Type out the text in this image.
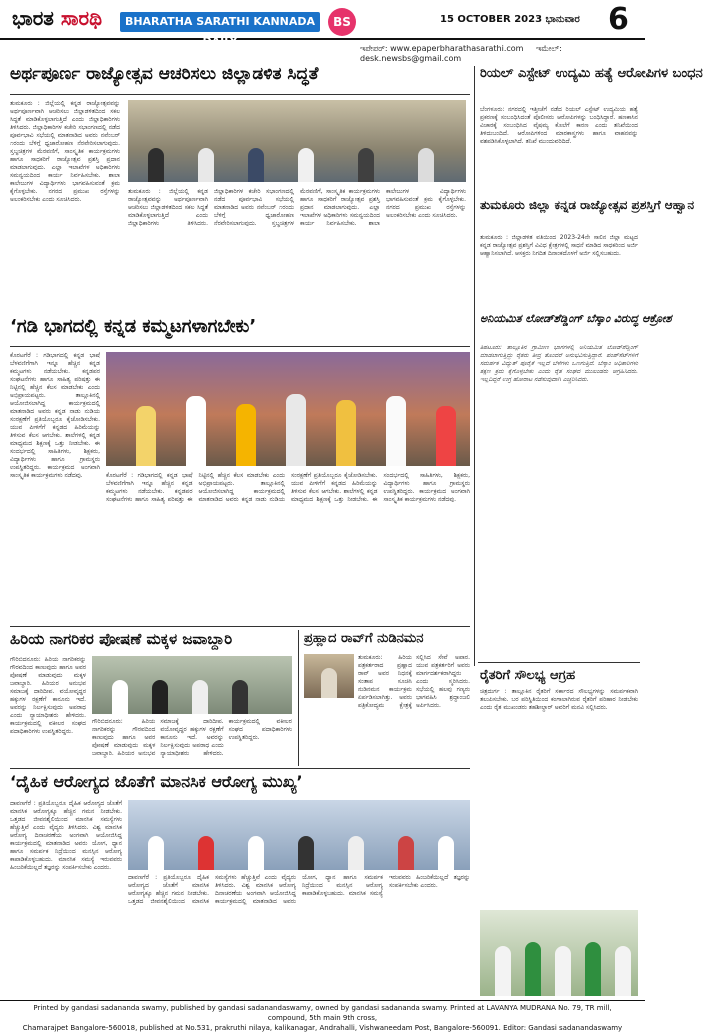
ಭಾರತ ಸಾರಥಿ	BHARATHA SARATHI KANNADA DAILY
BS	15 OCTOBER 2023 ಭಾನುವಾರ 6
ಇಪೇಪರ್: www.epaperbharathasarathi.com ಇಮೇಲ್: desk.newsbs@gmail.com
ಅರ್ಥಪೂರ್ಣ ರಾಜ್ಯೋತ್ಸವ ಆಚರಿಸಲು ಜಿಲ್ಲಾಡಳಿತ ಸಿದ್ಧತೆ
ತುಮಕೂರು : ಜಿಲ್ಲೆಯಲ್ಲಿ ಕನ್ನಡ ರಾಜ್ಯೋತ್ಸವವನ್ನು ಅರ್ಥಪೂರ್ಣವಾಗಿ ಆಚರಿಸಲು ಜಿಲ್ಲಾಡಳಿತದಿಂದ ಸಕಲ ಸಿದ್ಧತೆ ಮಾಡಿಕೊಳ್ಳಲಾಗುತ್ತಿದೆ ಎಂದು ಜಿಲ್ಲಾಧಿಕಾರಿಗಳು ತಿಳಿಸಿದರು. ಜಿಲ್ಲಾಧಿಕಾರಿಗಳ ಕಚೇರಿ ಸಭಾಂಗಣದಲ್ಲಿ ನಡೆದ ಪೂರ್ವಭಾವಿ ಸಭೆಯಲ್ಲಿ ಮಾತನಾಡಿದ ಅವರು ನವೆಂಬರ್ ೧ರಂದು ಬೆಳಿಗ್ಗೆ ಧ್ವಜಾರೋಹಣ ನೆರವೇರಿಸಲಾಗುವುದು. ಸ್ತಬ್ಧಚಿತ್ರಗಳ ಮೆರವಣಿಗೆ, ಸಾಂಸ್ಕೃತಿಕ ಕಾರ್ಯಕ್ರಮಗಳು ಹಾಗೂ ಸಾಧಕರಿಗೆ ರಾಜ್ಯೋತ್ಸವ ಪ್ರಶಸ್ತಿ ಪ್ರದಾನ ಮಾಡಲಾಗುವುದು. ಎಲ್ಲಾ ಇಲಾಖೆಗಳ ಅಧಿಕಾರಿಗಳು ಸಮನ್ವಯದಿಂದ ಕಾರ್ಯ ನಿರ್ವಹಿಸಬೇಕು. ಶಾಲಾ ಕಾಲೇಜುಗಳ ವಿದ್ಯಾರ್ಥಿಗಳು ಭಾಗವಹಿಸುವಂತೆ ಕ್ರಮ ಕೈಗೊಳ್ಳಬೇಕು. ನಗರದ ಪ್ರಮುಖ ರಸ್ತೆಗಳನ್ನು ಅಲಂಕರಿಸಬೇಕು ಎಂದು ಸೂಚಿಸಿದರು.
ತುಮಕೂರು : ಜಿಲ್ಲೆಯಲ್ಲಿ ಕನ್ನಡ ರಾಜ್ಯೋತ್ಸವವನ್ನು ಅರ್ಥಪೂರ್ಣವಾಗಿ ಆಚರಿಸಲು ಜಿಲ್ಲಾಡಳಿತದಿಂದ ಸಕಲ ಸಿದ್ಧತೆ ಮಾಡಿಕೊಳ್ಳಲಾಗುತ್ತಿದೆ ಎಂದು ಜಿಲ್ಲಾಧಿಕಾರಿಗಳು ತಿಳಿಸಿದರು. ಜಿಲ್ಲಾಧಿಕಾರಿಗಳ ಕಚೇರಿ ಸಭಾಂಗಣದಲ್ಲಿ ನಡೆದ ಪೂರ್ವಭಾವಿ ಸಭೆಯಲ್ಲಿ ಮಾತನಾಡಿದ ಅವರು ನವೆಂಬರ್ ೧ರಂದು ಬೆಳಿಗ್ಗೆ ಧ್ವಜಾರೋಹಣ ನೆರವೇರಿಸಲಾಗುವುದು. ಸ್ತಬ್ಧಚಿತ್ರಗಳ ಮೆರವಣಿಗೆ, ಸಾಂಸ್ಕೃತಿಕ ಕಾರ್ಯಕ್ರಮಗಳು ಹಾಗೂ ಸಾಧಕರಿಗೆ ರಾಜ್ಯೋತ್ಸವ ಪ್ರಶಸ್ತಿ ಪ್ರದಾನ ಮಾಡಲಾಗುವುದು. ಎಲ್ಲಾ ಇಲಾಖೆಗಳ ಅಧಿಕಾರಿಗಳು ಸಮನ್ವಯದಿಂದ ಕಾರ್ಯ ನಿರ್ವಹಿಸಬೇಕು. ಶಾಲಾ ಕಾಲೇಜುಗಳ ವಿದ್ಯಾರ್ಥಿಗಳು ಭಾಗವಹಿಸುವಂತೆ ಕ್ರಮ ಕೈಗೊಳ್ಳಬೇಕು. ನಗರದ ಪ್ರಮುಖ ರಸ್ತೆಗಳನ್ನು ಅಲಂಕರಿಸಬೇಕು ಎಂದು ಸೂಚಿಸಿದರು.
ರಿಯಲ್ ಎಸ್ಟೇಟ್ ಉದ್ಯಮಿ ಹತ್ಯೆ ಆರೋಪಿಗಳ ಬಂಧನ
ಬೆಂಗಳೂರು: ನಗರದಲ್ಲಿ ಇತ್ತೀಚೆಗೆ ನಡೆದ ರಿಯಲ್ ಎಸ್ಟೇಟ್ ಉದ್ಯಮಿಯ ಹತ್ಯೆ ಪ್ರಕರಣಕ್ಕೆ ಸಂಬಂಧಿಸಿದಂತೆ ಪೊಲೀಸರು ಆರೋಪಿಗಳನ್ನು ಬಂಧಿಸಿದ್ದಾರೆ. ಹಣಕಾಸಿನ ವಿಚಾರಕ್ಕೆ ಸಂಬಂಧಿಸಿದ ವೈಷಮ್ಯ ಕೊಲೆಗೆ ಕಾರಣ ಎಂದು ತನಿಖೆಯಿಂದ ತಿಳಿದುಬಂದಿದೆ. ಆರೋಪಿಗಳಿಂದ ಮಾರಕಾಸ್ತ್ರಗಳು ಹಾಗೂ ವಾಹನವನ್ನು ವಶಪಡಿಸಿಕೊಳ್ಳಲಾಗಿದೆ. ತನಿಖೆ ಮುಂದುವರಿದಿದೆ.
ತುಮಕೂರು ಜಿಲ್ಲಾ ಕನ್ನಡ ರಾಜ್ಯೋತ್ಸವ ಪ್ರಶಸ್ತಿಗೆ ಆಹ್ವಾನ
ತುಮಕೂರು : ಜಿಲ್ಲಾಡಳಿತ ವತಿಯಿಂದ 2023-24ನೇ ಸಾಲಿನ ಜಿಲ್ಲಾ ಮಟ್ಟದ ಕನ್ನಡ ರಾಜ್ಯೋತ್ಸವ ಪ್ರಶಸ್ತಿಗೆ ವಿವಿಧ ಕ್ಷೇತ್ರಗಳಲ್ಲಿ ಸಾಧನೆ ಮಾಡಿದ ಸಾಧಕರಿಂದ ಅರ್ಜಿ ಆಹ್ವಾನಿಸಲಾಗಿದೆ. ಆಸಕ್ತರು ನಿಗದಿತ ದಿನಾಂಕದೊಳಗೆ ಅರ್ಜಿ ಸಲ್ಲಿಸಬಹುದು.
‘ಗಡಿ ಭಾಗದಲ್ಲಿ ಕನ್ನಡ ಕಮ್ಮಟಗಳಾಗಬೇಕು’
ಕೊರಟಗೆರೆ : ಗಡಿಭಾಗದಲ್ಲಿ ಕನ್ನಡ ಭಾಷೆ ಬೆಳವಣಿಗೆಗಾಗಿ ಇನ್ನೂ ಹೆಚ್ಚಿನ ಕನ್ನಡ ಕಮ್ಮಟಗಳು ನಡೆಯಬೇಕು. ಕನ್ನಡಪರ ಸಂಘಟನೆಗಳು ಹಾಗೂ ಸಾಹಿತ್ಯ ಪರಿಷತ್ತು ಈ ನಿಟ್ಟಿನಲ್ಲಿ ಹೆಚ್ಚಿನ ಕೆಲಸ ಮಾಡಬೇಕು ಎಂದು ಅಭಿಪ್ರಾಯಪಟ್ಟರು. ತಾಲ್ಲೂಕಿನಲ್ಲಿ ಆಯೋಜಿಸಲಾಗಿದ್ದ ಕಾರ್ಯಕ್ರಮದಲ್ಲಿ ಮಾತನಾಡಿದ ಅವರು ಕನ್ನಡ ನಾಡು ನುಡಿಯ ಸಂರಕ್ಷಣೆಗೆ ಪ್ರತಿಯೊಬ್ಬರೂ ಕೈಜೋಡಿಸಬೇಕು. ಯುವ ಪೀಳಿಗೆಗೆ ಕನ್ನಡದ ಹಿರಿಮೆಯನ್ನು ತಿಳಿಸುವ ಕೆಲಸ ಆಗಬೇಕು. ಶಾಲೆಗಳಲ್ಲಿ ಕನ್ನಡ ಮಾಧ್ಯಮದ ಶಿಕ್ಷಣಕ್ಕೆ ಒತ್ತು ನೀಡಬೇಕು. ಈ ಸಂದರ್ಭದಲ್ಲಿ ಸಾಹಿತಿಗಳು, ಶಿಕ್ಷಕರು, ವಿದ್ಯಾರ್ಥಿಗಳು ಹಾಗೂ ಗ್ರಾಮಸ್ಥರು ಉಪಸ್ಥಿತರಿದ್ದರು. ಕಾರ್ಯಕ್ರಮದ ಅಂಗವಾಗಿ ಸಾಂಸ್ಕೃತಿಕ ಕಾರ್ಯಕ್ರಮಗಳು ನಡೆದವು.	ಕೊರಟಗೆರೆ : ಗಡಿಭಾಗದಲ್ಲಿ ಕನ್ನಡ ಭಾಷೆ ಬೆಳವಣಿಗೆಗಾಗಿ ಇನ್ನೂ ಹೆಚ್ಚಿನ ಕನ್ನಡ ಕಮ್ಮಟಗಳು ನಡೆಯಬೇಕು. ಕನ್ನಡಪರ ಸಂಘಟನೆಗಳು ಹಾಗೂ ಸಾಹಿತ್ಯ ಪರಿಷತ್ತು ಈ ನಿಟ್ಟಿನಲ್ಲಿ ಹೆಚ್ಚಿನ ಕೆಲಸ ಮಾಡಬೇಕು ಎಂದು ಅಭಿಪ್ರಾಯಪಟ್ಟರು. ತಾಲ್ಲೂಕಿನಲ್ಲಿ ಆಯೋಜಿಸಲಾಗಿದ್ದ ಕಾರ್ಯಕ್ರಮದಲ್ಲಿ ಮಾತನಾಡಿದ ಅವರು ಕನ್ನಡ ನಾಡು ನುಡಿಯ ಸಂರಕ್ಷಣೆಗೆ ಪ್ರತಿಯೊಬ್ಬರೂ ಕೈಜೋಡಿಸಬೇಕು. ಯುವ ಪೀಳಿಗೆಗೆ ಕನ್ನಡದ ಹಿರಿಮೆಯನ್ನು ತಿಳಿಸುವ ಕೆಲಸ ಆಗಬೇಕು. ಶಾಲೆಗಳಲ್ಲಿ ಕನ್ನಡ ಮಾಧ್ಯಮದ ಶಿಕ್ಷಣಕ್ಕೆ ಒತ್ತು ನೀಡಬೇಕು. ಈ ಸಂದರ್ಭದಲ್ಲಿ ಸಾಹಿತಿಗಳು, ಶಿಕ್ಷಕರು, ವಿದ್ಯಾರ್ಥಿಗಳು ಹಾಗೂ ಗ್ರಾಮಸ್ಥರು ಉಪಸ್ಥಿತರಿದ್ದರು. ಕಾರ್ಯಕ್ರಮದ ಅಂಗವಾಗಿ ಸಾಂಸ್ಕೃತಿಕ ಕಾರ್ಯಕ್ರಮಗಳು ನಡೆದವು.
ಅನಿಯಮಿತ ಲೋಡ್‌ಶೆಡ್ಡಿಂಗ್ ಬೆಸ್ಕಾಂ ವಿರುದ್ಧ ಆಕ್ರೋಶ
ತಿಪಟೂರು: ತಾಲ್ಲೂಕಿನ ಗ್ರಾಮೀಣ ಭಾಗಗಳಲ್ಲಿ ಅನಿಯಮಿತ ಲೋಡ್‌ಶೆಡ್ಡಿಂಗ್ ಮಾಡಲಾಗುತ್ತಿದ್ದು ರೈತರು ತೀವ್ರ ತೊಂದರೆ ಅನುಭವಿಸುತ್ತಿದ್ದಾರೆ. ಪಂಪ್‌ಸೆಟ್‌ಗಳಿಗೆ ಸಮರ್ಪಕ ವಿದ್ಯುತ್ ಪೂರೈಕೆ ಇಲ್ಲದೆ ಬೆಳೆಗಳು ಒಣಗುತ್ತಿವೆ. ಬೆಸ್ಕಾಂ ಅಧಿಕಾರಿಗಳು ತಕ್ಷಣ ಕ್ರಮ ಕೈಗೊಳ್ಳಬೇಕು ಎಂದು ರೈತ ಸಂಘದ ಮುಖಂಡರು ಆಗ್ರಹಿಸಿದರು. ಇಲ್ಲದಿದ್ದರೆ ಉಗ್ರ ಹೋರಾಟ ನಡೆಸುವುದಾಗಿ ಎಚ್ಚರಿಸಿದರು.
ಹಿರಿಯ ನಾಗರಿಕರ ಪೋಷಣೆ ಮಕ್ಕಳ ಜವಾಬ್ದಾರಿ
ಗೌರಿಬಿದನೂರು: ಹಿರಿಯ ನಾಗರಿಕರನ್ನು ಗೌರವದಿಂದ ಕಾಣುವುದು ಹಾಗೂ ಅವರ ಪೋಷಣೆ ಮಾಡುವುದು ಮಕ್ಕಳ ಜವಾಬ್ದಾರಿ. ಹಿರಿಯರ ಅನುಭವ ಸಮಾಜಕ್ಕೆ ದಾರಿದೀಪ. ವಯೋವೃದ್ಧರ ಹಕ್ಕುಗಳ ರಕ್ಷಣೆಗೆ ಕಾನೂನು ಇದೆ. ಅವರನ್ನು ನಿರ್ಲಕ್ಷಿಸುವುದು ಅಪರಾಧ ಎಂದು ನ್ಯಾಯಾಧೀಶರು ಹೇಳಿದರು. ಕಾರ್ಯಕ್ರಮದಲ್ಲಿ ವಕೀಲರ ಸಂಘದ ಪದಾಧಿಕಾರಿಗಳು ಉಪಸ್ಥಿತರಿದ್ದರು.
ಗೌರಿಬಿದನೂರು: ಹಿರಿಯ ನಾಗರಿಕರನ್ನು ಗೌರವದಿಂದ ಕಾಣುವುದು ಹಾಗೂ ಅವರ ಪೋಷಣೆ ಮಾಡುವುದು ಮಕ್ಕಳ ಜವಾಬ್ದಾರಿ. ಹಿರಿಯರ ಅನುಭವ ಸಮಾಜಕ್ಕೆ ದಾರಿದೀಪ. ವಯೋವೃದ್ಧರ ಹಕ್ಕುಗಳ ರಕ್ಷಣೆಗೆ ಕಾನೂನು ಇದೆ. ಅವರನ್ನು ನಿರ್ಲಕ್ಷಿಸುವುದು ಅಪರಾಧ ಎಂದು ನ್ಯಾಯಾಧೀಶರು ಹೇಳಿದರು. ಕಾರ್ಯಕ್ರಮದಲ್ಲಿ ವಕೀಲರ ಸಂಘದ ಪದಾಧಿಕಾರಿಗಳು ಉಪಸ್ಥಿತರಿದ್ದರು.
ಪ್ರಹ್ಲಾದ ರಾವ್‌ಗೆ ನುಡಿನಮನ
ತುಮಕೂರು: ಹಿರಿಯ ಪತ್ರಕರ್ತರಾದ ಪ್ರಹ್ಲಾದ ರಾವ್ ಅವರ ನಿಧನಕ್ಕೆ ಸಂತಾಪ ಸೂಚಿಸಿ ನುಡಿನಮನ ಕಾರ್ಯಕ್ರಮ ಏರ್ಪಡಿಸಲಾಗಿತ್ತು. ಅವರು ಪತ್ರಿಕೋದ್ಯಮ ಕ್ಷೇತ್ರಕ್ಕೆ ಸಲ್ಲಿಸಿದ ಸೇವೆ ಅಪಾರ. ಯುವ ಪತ್ರಕರ್ತರಿಗೆ ಅವರು ಮಾರ್ಗದರ್ಶಕರಾಗಿದ್ದರು ಎಂದು ಸ್ಮರಿಸಿದರು. ಸಭೆಯಲ್ಲಿ ಹಲವು ಗಣ್ಯರು ಭಾಗವಹಿಸಿ ಶ್ರದ್ಧಾಂಜಲಿ ಅರ್ಪಿಸಿದರು.
ರೈತರಿಗೆ ಸೌಲಭ್ಯ ಆಗ್ರಹ
ಚಿತ್ರದುರ್ಗ : ತಾಲ್ಲೂಕಿನ ರೈತರಿಗೆ ಸರ್ಕಾರದ ಸೌಲಭ್ಯಗಳನ್ನು ಸಮರ್ಪಕವಾಗಿ ತಲುಪಿಸಬೇಕು. ಬರ ಪರಿಸ್ಥಿತಿಯಿಂದ ಕಂಗಾಲಾಗಿರುವ ರೈತರಿಗೆ ಪರಿಹಾರ ನೀಡಬೇಕು ಎಂದು ರೈತ ಮುಖಂಡರು ತಹಶೀಲ್ದಾರ್ ಅವರಿಗೆ ಮನವಿ ಸಲ್ಲಿಸಿದರು.
‘ದೈಹಿಕ ಆರೋಗ್ಯದ ಜೊತೆಗೆ ಮಾನಸಿಕ ಆರೋಗ್ಯ ಮುಖ್ಯ’
ದಾವಣಗೆರೆ : ಪ್ರತಿಯೊಬ್ಬರೂ ದೈಹಿಕ ಆರೋಗ್ಯದ ಜೊತೆಗೆ ಮಾನಸಿಕ ಆರೋಗ್ಯಕ್ಕೂ ಹೆಚ್ಚಿನ ಗಮನ ನೀಡಬೇಕು. ಒತ್ತಡದ ಜೀವನಶೈಲಿಯಿಂದ ಮಾನಸಿಕ ಸಮಸ್ಯೆಗಳು ಹೆಚ್ಚುತ್ತಿವೆ ಎಂದು ವೈದ್ಯರು ತಿಳಿಸಿದರು. ವಿಶ್ವ ಮಾನಸಿಕ ಆರೋಗ್ಯ ದಿನಾಚರಣೆಯ ಅಂಗವಾಗಿ ಆಯೋಜಿಸಿದ್ದ ಕಾರ್ಯಕ್ರಮದಲ್ಲಿ ಮಾತನಾಡಿದ ಅವರು ಯೋಗ, ಧ್ಯಾನ ಹಾಗೂ ಸಮರ್ಪಕ ನಿದ್ರೆಯಿಂದ ಮನಸ್ಸಿನ ಆರೋಗ್ಯ ಕಾಪಾಡಿಕೊಳ್ಳಬಹುದು. ಮಾನಸಿಕ ಸಮಸ್ಯೆ ಇರುವವರು ಹಿಂಜರಿಕೆಯಿಲ್ಲದೆ ತಜ್ಞರನ್ನು ಸಂಪರ್ಕಿಸಬೇಕು ಎಂದರು.
ದಾವಣಗೆರೆ : ಪ್ರತಿಯೊಬ್ಬರೂ ದೈಹಿಕ ಆರೋಗ್ಯದ ಜೊತೆಗೆ ಮಾನಸಿಕ ಆರೋಗ್ಯಕ್ಕೂ ಹೆಚ್ಚಿನ ಗಮನ ನೀಡಬೇಕು. ಒತ್ತಡದ ಜೀವನಶೈಲಿಯಿಂದ ಮಾನಸಿಕ ಸಮಸ್ಯೆಗಳು ಹೆಚ್ಚುತ್ತಿವೆ ಎಂದು ವೈದ್ಯರು ತಿಳಿಸಿದರು. ವಿಶ್ವ ಮಾನಸಿಕ ಆರೋಗ್ಯ ದಿನಾಚರಣೆಯ ಅಂಗವಾಗಿ ಆಯೋಜಿಸಿದ್ದ ಕಾರ್ಯಕ್ರಮದಲ್ಲಿ ಮಾತನಾಡಿದ ಅವರು ಯೋಗ, ಧ್ಯಾನ ಹಾಗೂ ಸಮರ್ಪಕ ನಿದ್ರೆಯಿಂದ ಮನಸ್ಸಿನ ಆರೋಗ್ಯ ಕಾಪಾಡಿಕೊಳ್ಳಬಹುದು. ಮಾನಸಿಕ ಸಮಸ್ಯೆ ಇರುವವರು ಹಿಂಜರಿಕೆಯಿಲ್ಲದೆ ತಜ್ಞರನ್ನು ಸಂಪರ್ಕಿಸಬೇಕು ಎಂದರು.
Printed by gandasi sadananda swamy, published by gandasi sadanandaswamy, owned by gandasi sadananda swamy. Printed at LAVANYA MUDRANA No. 79, TR mill, compound, 5th main 9th cross,
Chamarajpet Bangalore-560018, published at No.531, prakruthi nilaya, kalikanagar, Andrahalli, Vishwaneedam Post, Bangalore-560091. Editor: Gandasi sadanandaswamy
